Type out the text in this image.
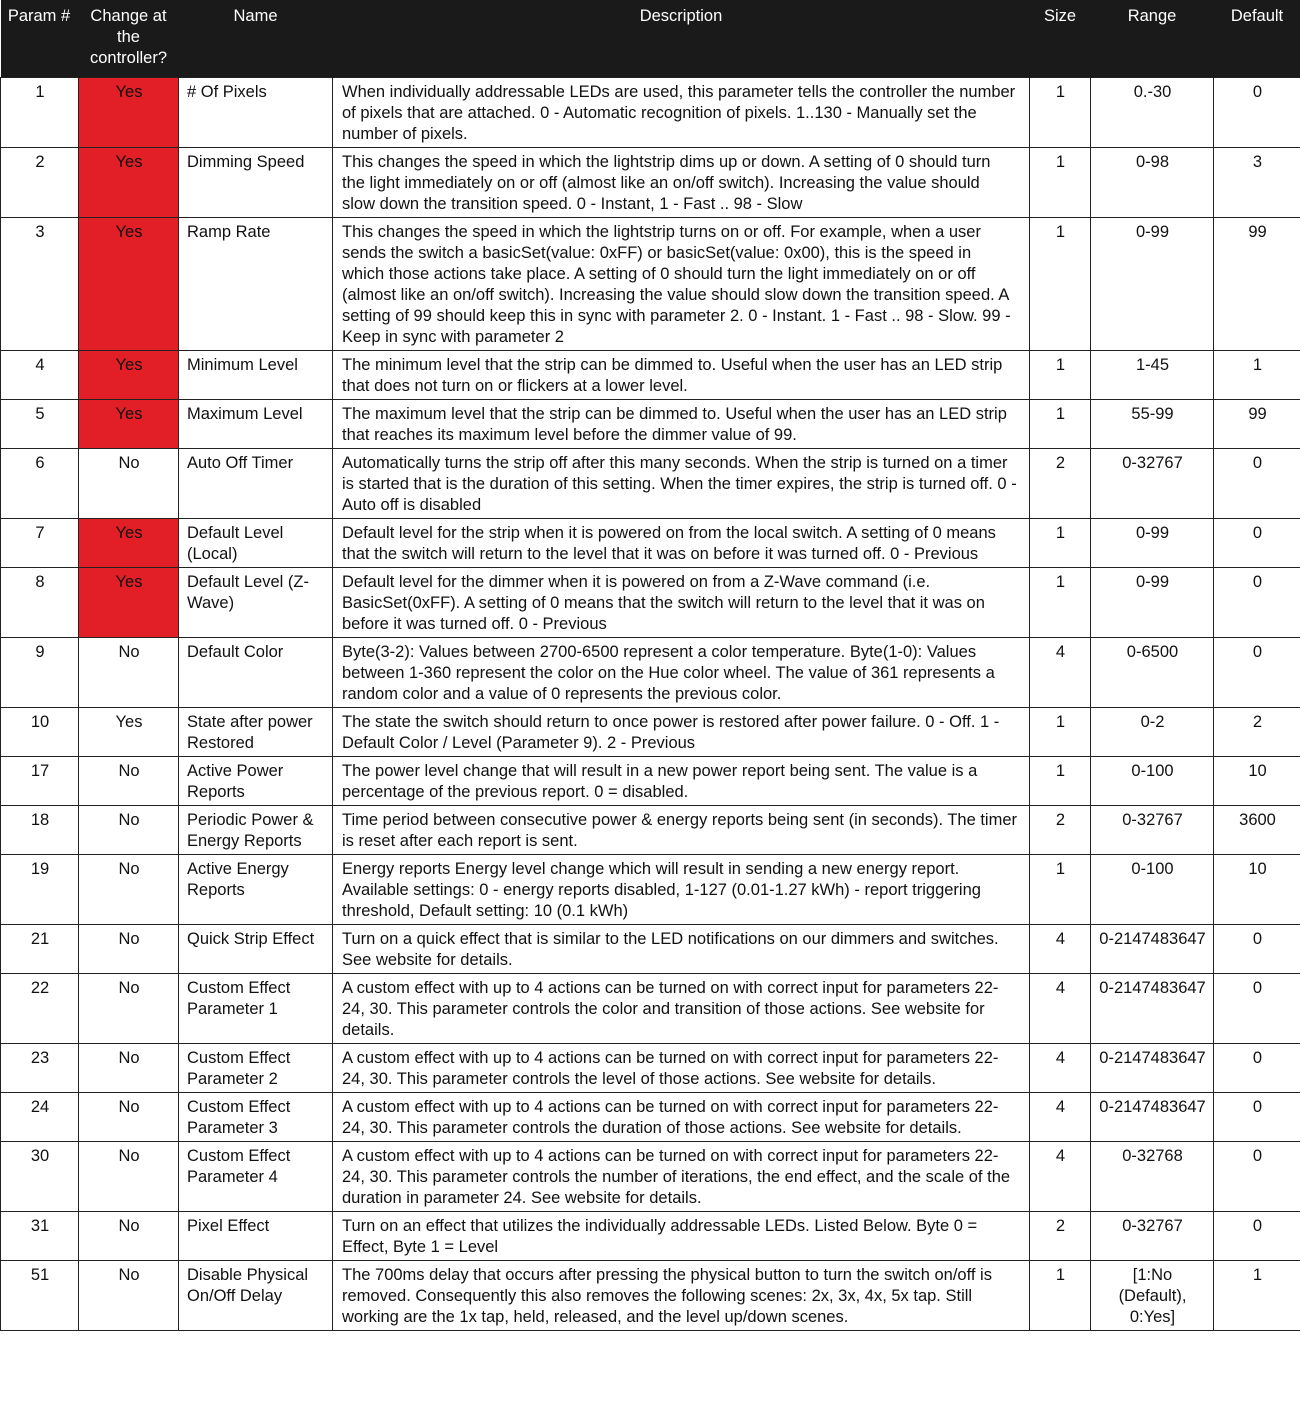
Param #	Change at the controller?	Name	Description	Size	Range	Default
1	Yes	# Of Pixels	When individually addressable LEDs are used, this parameter tells the controller the number of pixels that are attached. 0 - Automatic recognition of pixels. 1..130 - Manually set the number of pixels.	1	0.-30	0
2	Yes	Dimming Speed	This changes the speed in which the lightstrip dims up or down. A setting of 0 should turn the light immediately on or off (almost like an on/off switch). Increasing the value should slow down the transition speed. 0 - Instant, 1 - Fast .. 98 - Slow	1	0-98	3
3	Yes	Ramp Rate	This changes the speed in which the lightstrip turns on or off. For example, when a user sends the switch a basicSet(value: 0xFF) or basicSet(value: 0x00), this is the speed in which those actions take place. A setting of 0 should turn the light immediately on or off (almost like an on/off switch). Increasing the value should slow down the transition speed. A setting of 99 should keep this in sync with parameter 2. 0 - Instant. 1 - Fast .. 98 - Slow. 99 - Keep in sync with parameter 2	1	0-99	99
4	Yes	Minimum Level	The minimum level that the strip can be dimmed to. Useful when the user has an LED strip that does not turn on or flickers at a lower level.	1	1-45	1
5	Yes	Maximum Level	The maximum level that the strip can be dimmed to. Useful when the user has an LED strip that reaches its maximum level before the dimmer value of 99.	1	55-99	99
6	No	Auto Off Timer	Automatically turns the strip off after this many seconds. When the strip is turned on a timer is started that is the duration of this setting. When the timer expires, the strip is turned off. 0 - Auto off is disabled	2	0-32767	0
7	Yes	Default Level (Local)	Default level for the strip when it is powered on from the local switch. A setting of 0 means that the switch will return to the level that it was on before it was turned off. 0 - Previous	1	0-99	0
8	Yes	Default Level (Z-Wave)	Default level for the dimmer when it is powered on from a Z-Wave command (i.e. BasicSet(0xFF). A setting of 0 means that the switch will return to the level that it was on before it was turned off. 0 - Previous	1	0-99	0
9	No	Default Color	Byte(3-2): Values between 2700-6500 represent a color temperature. Byte(1-0): Values between 1-360 represent the color on the Hue color wheel. The value of 361 represents a random color and a value of 0 represents the previous color.	4	0-6500	0
10	Yes	State after power Restored	The state the switch should return to once power is restored after power failure. 0 - Off. 1 - Default Color / Level (Parameter 9). 2 - Previous	1	0-2	2
17	No	Active Power Reports	The power level change that will result in a new power report being sent. The value is a percentage of the previous report. 0 = disabled.	1	0-100	10
18	No	Periodic Power & Energy Reports	Time period between consecutive power & energy reports being sent (in seconds). The timer is reset after each report is sent.	2	0-32767	3600
19	No	Active Energy Reports	Energy reports Energy level change which will result in sending a new energy report. Available settings: 0 - energy reports disabled, 1-127 (0.01-1.27 kWh) - report triggering threshold, Default setting: 10 (0.1 kWh)	1	0-100	10
21	No	Quick Strip Effect	Turn on a quick effect that is similar to the LED notifications on our dimmers and switches. See website for details.	4	0-2147483647	0
22	No	Custom Effect Parameter 1	A custom effect with up to 4 actions can be turned on with correct input for parameters 22-24, 30. This parameter controls the color and transition of those actions. See website for details.	4	0-2147483647	0
23	No	Custom Effect Parameter 2	A custom effect with up to 4 actions can be turned on with correct input for parameters 22-24, 30. This parameter controls the level of those actions. See website for details.	4	0-2147483647	0
24	No	Custom Effect Parameter 3	A custom effect with up to 4 actions can be turned on with correct input for parameters 22-24, 30. This parameter controls the duration of those actions. See website for details.	4	0-2147483647	0
30	No	Custom Effect Parameter 4	A custom effect with up to 4 actions can be turned on with correct input for parameters 22-24, 30. This parameter controls the number of iterations, the end effect, and the scale of the duration in parameter 24. See website for details.	4	0-32768	0
31	No	Pixel Effect	Turn on an effect that utilizes the individually addressable LEDs. Listed Below. Byte 0 = Effect, Byte 1 = Level	2	0-32767	0
51	No	Disable Physical On/Off Delay	The 700ms delay that occurs after pressing the physical button to turn the switch on/off is removed. Consequently this also removes the following scenes: 2x, 3x, 4x, 5x tap. Still working are the 1x tap, held, released, and the level up/down scenes.	1	[1:No (Default), 0:Yes]	1
